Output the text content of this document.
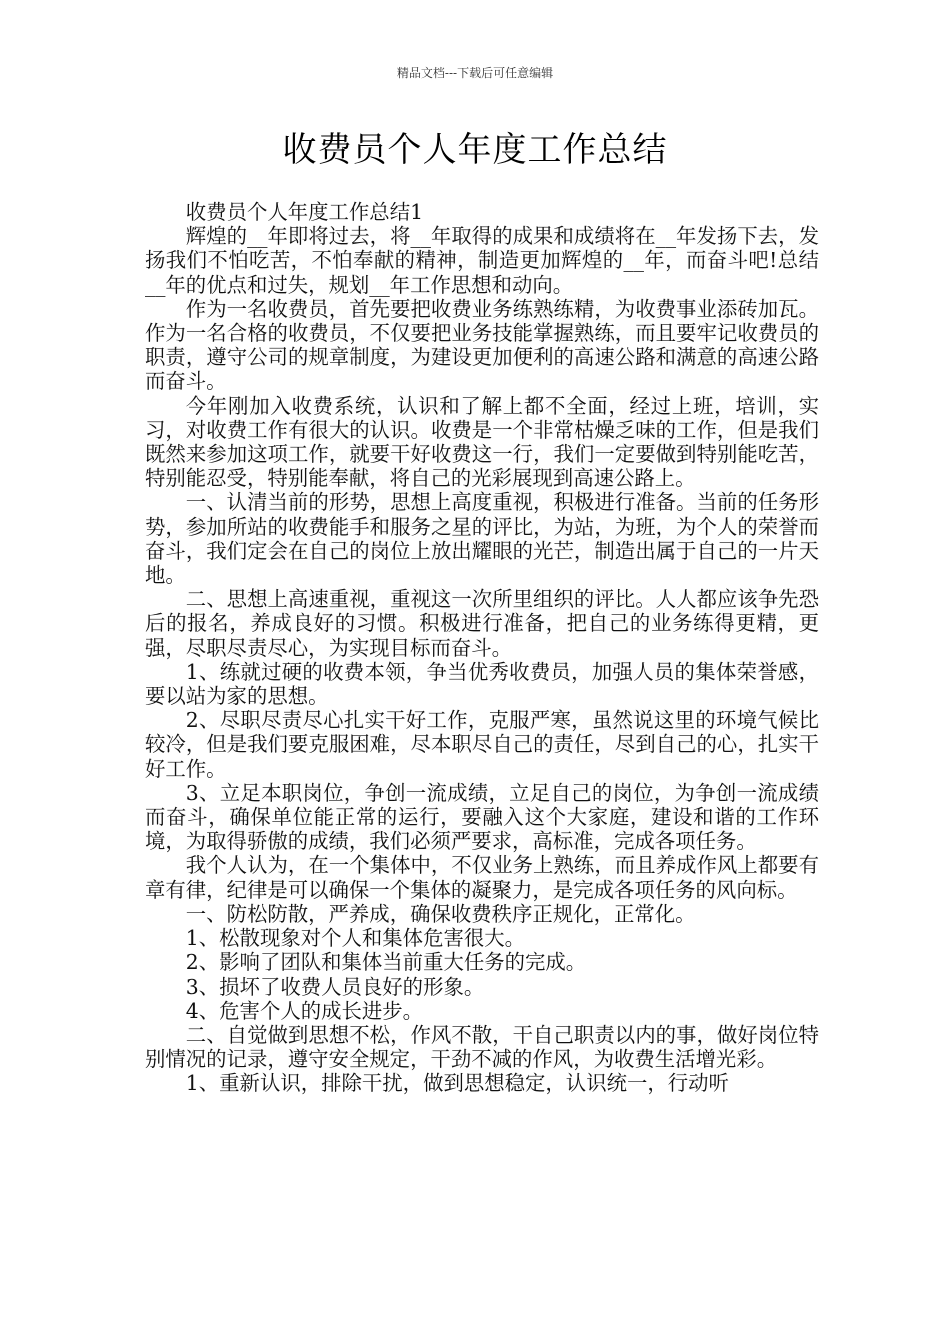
精品文档---下载后可任意编辑
收费员个人年度工作总结

收费员个人年度工作总结1

辉煌的__年即将过去，将__年取得的成果和成绩将在__年发扬下去，发扬我们不怕吃苦，不怕奉献的精神，制造更加辉煌的__年，而奋斗吧!总结__年的优点和过失，规划__年工作思想和动向。

作为一名收费员，首先要把收费业务练熟练精，为收费事业添砖加瓦。作为一名合格的收费员，不仅要把业务技能掌握熟练，而且要牢记收费员的职责，遵守公司的规章制度，为建设更加便利的高速公路和满意的高速公路而奋斗。

今年刚加入收费系统，认识和了解上都不全面，经过上班，培训，实习，对收费工作有很大的认识。收费是一个非常枯燥乏味的工作，但是我们既然来参加这项工作，就要干好收费这一行，我们一定要做到特别能吃苦，特别能忍受，特别能奉献，将自己的光彩展现到高速公路上。

一、认清当前的形势，思想上高度重视，积极进行准备。当前的任务形势，参加所站的收费能手和服务之星的评比，为站，为班，为个人的荣誉而奋斗，我们定会在自己的岗位上放出耀眼的光芒，制造出属于自己的一片天地。

二、思想上高速重视，重视这一次所里组织的评比。人人都应该争先恐后的报名，养成良好的习惯。积极进行准备，把自己的业务练得更精，更强，尽职尽责尽心，为实现目标而奋斗。

1、练就过硬的收费本领，争当优秀收费员，加强人员的集体荣誉感，要以站为家的思想。

2、尽职尽责尽心扎实干好工作，克服严寒，虽然说这里的环境气候比较冷，但是我们要克服困难，尽本职尽自己的责任，尽到自己的心，扎实干好工作。

3、立足本职岗位，争创一流成绩，立足自己的岗位，为争创一流成绩而奋斗，确保单位能正常的运行，要融入这个大家庭，建设和谐的工作环境，为取得骄傲的成绩，我们必须严要求，高标准，完成各项任务。

我个人认为，在一个集体中，不仅业务上熟练，而且养成作风上都要有章有律，纪律是可以确保一个集体的凝聚力，是完成各项任务的风向标。

一、防松防散，严养成，确保收费秩序正规化，正常化。

1、松散现象对个人和集体危害很大。

2、影响了团队和集体当前重大任务的完成。

3、损坏了收费人员良好的形象。

4、危害个人的成长进步。

二、自觉做到思想不松，作风不散，干自己职责以内的事，做好岗位特别情况的记录，遵守安全规定，干劲不减的作风，为收费生活增光彩。

1、重新认识，排除干扰，做到思想稳定，认识统一，行动听
